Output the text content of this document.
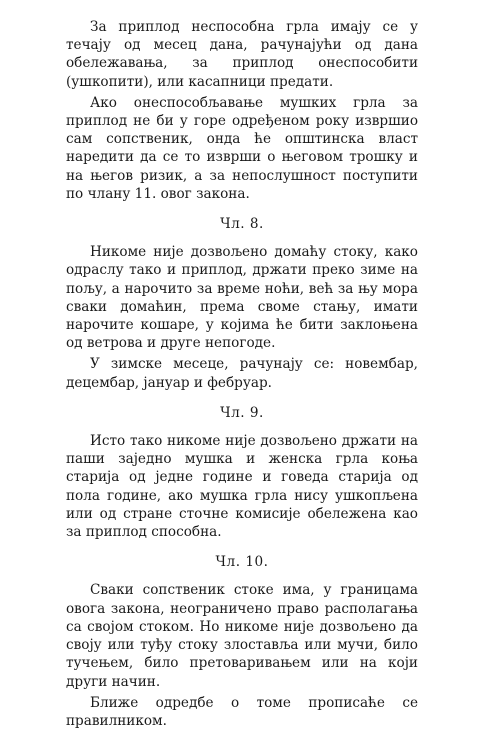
За приплод неспособна грла имају се у течају од месец дана, рачунајући од дана обележавања, за приплод онеспособити (ушкопити), или касапници предати.

Ако онеспособљавање мушких грла за приплод не би у горе одређеном року извршио сам сопственик, онда ће општинска власт наредити да се то изврши о његовом трошку и на његов ризик, а за непослушност поступити по члану 11. овог закона.

Чл. 8.

Никоме није дозвољено домаћу стоку, како одраслу тако и приплод, држати преко зиме на пољу, а нарочито за време ноћи, већ за њу мора сваки домаћин, према своме стању, имати нарочите кошаре, у којима ће бити заклоњена од ветрова и друге непогоде.

У зимске месеце, рачунају се: новембар, децембар, јануар и фебруар.

Чл. 9.

Исто тако никоме није дозвољено држати на паши заједно мушка и женска грла коња старија од једне године и говеда старија од пола године, ако мушка грла нису ушкопљена или од стране сточне комисије обележена као за приплод способна.

Чл. 10.

Сваки сопственик стоке има, у границама овога закона, неограничено право располагања са својом стоком. Но никоме није дозвољено да своју или туђу стоку злоставља или мучи, било тучењем, било претоваривањем или на који други начин.

Ближе одредбе о томе прописаће се правилником.
